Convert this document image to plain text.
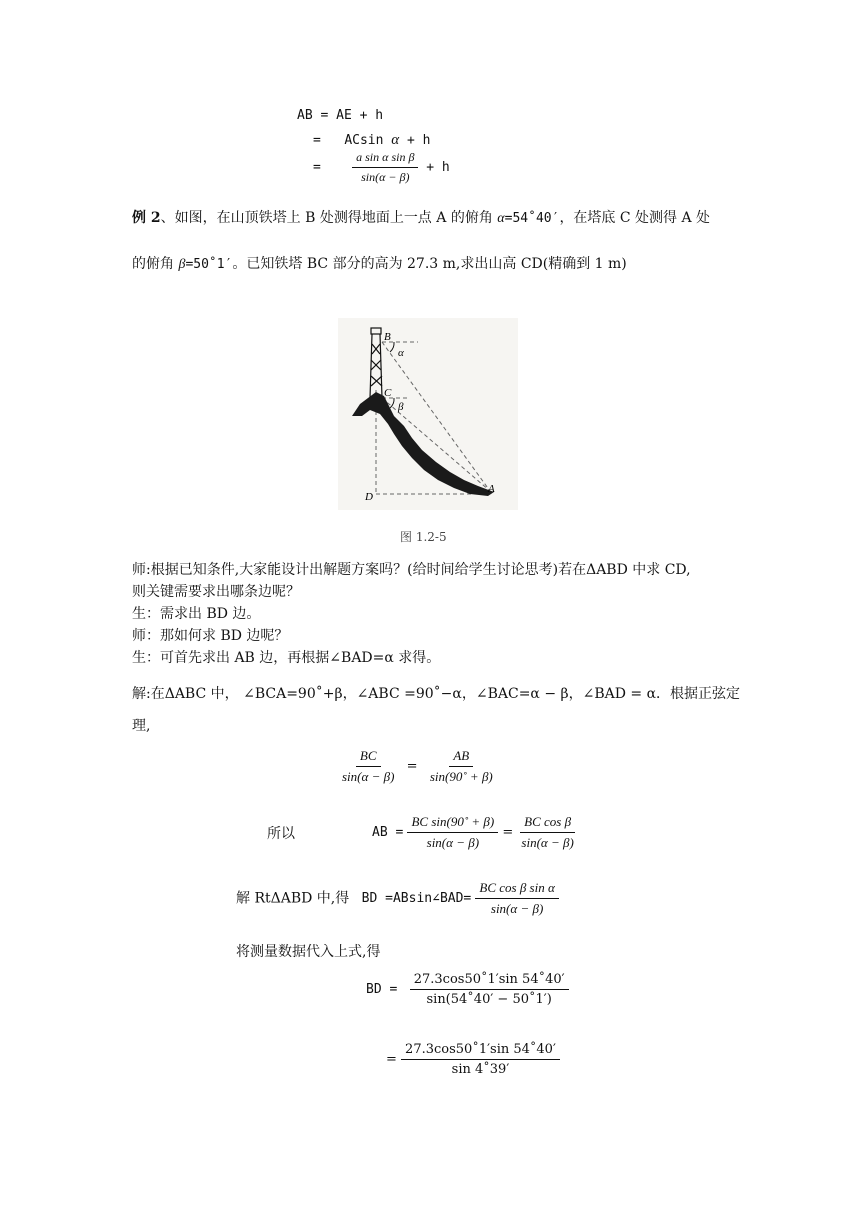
AB = AE + h
= ACsin α + h
=	$\frac{\text{a sin α sin β}}{\sin(\alpha - \beta)} + h$
例 2、如图，在山顶铁塔上 B 处测得地面上一点 A 的俯角 α=54˚40′，在塔底 C 处测得 A 处
的俯角 β=50˚1′。已知铁塔 BC 部分的高为 27.3 m,求出山高 CD(精确到 1 m)
B
α
C
β
D
A
图 1.2-5
师:根据已知条件,大家能设计出解题方案吗？(给时间给学生讨论思考)若在ΔABD 中求 CD,
则关键需要求出哪条边呢？
生：需求出 BD 边。
师：那如何求 BD 边呢？
生：可首先求出 AB 边，再根据∠BAD=α 求得。
解:在ΔABC 中， ∠BCA=90˚+β，∠ABC =90˚−α，∠BAC=α − β，∠BAD = α．根据正弦定
理,
$\frac{BC}{\sin(\alpha - \beta)} = \frac{AB}{\sin(90˚ + \beta)}$
所以	AB = $\frac{\text{BC sin(90˚ + β)}}{\sin(\alpha - \beta)} = \frac{\text{BC cos β}}{\sin(\alpha - \beta)}$
解 RtΔABD 中,得 BD =ABsin∠BAD= $\frac{\text{BC cos β sin α}}{\sin(\alpha - \beta)}$
将测量数据代入上式,得
BD = $\frac{27.3\cos 50˚1'\sin 54˚40'}{\sin(54˚40' - 50˚1')}$
= $\frac{27.3\cos 50˚1'\sin 54˚40'}{\sin 4˚39'}$
